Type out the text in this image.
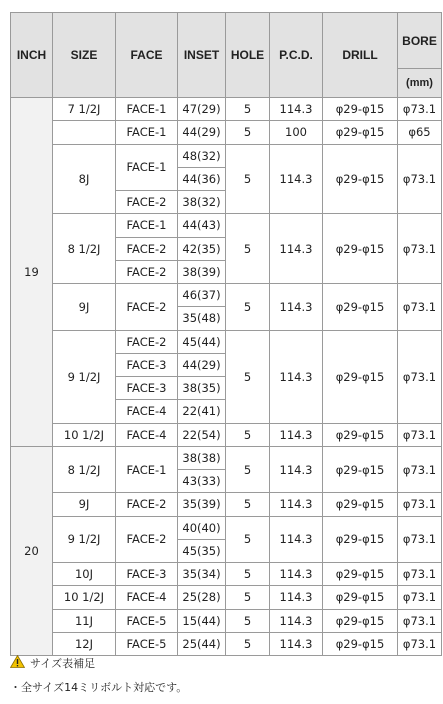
INCH	SIZE	FACE	INSET	HOLE	P.C.D.	DRILL	BORE
							(mm)
19	7 1/2J	FACE-1	47(29)	5	114.3	φ29-φ15	φ73.1
		FACE-1	44(29)	5	100	φ29-φ15	φ65
	8J	FACE-1	48(32)	5	114.3	φ29-φ15	φ73.1
			44(36)				
		FACE-2	38(32)				
	8 1/2J	FACE-1	44(43)	5	114.3	φ29-φ15	φ73.1
		FACE-2	42(35)				
		FACE-2	38(39)				
	9J	FACE-2	46(37)	5	114.3	φ29-φ15	φ73.1
			35(48)				
	9 1/2J	FACE-2	45(44)	5	114.3	φ29-φ15	φ73.1
		FACE-3	44(29)				
		FACE-3	38(35)				
		FACE-4	22(41)				
	10 1/2J	FACE-4	22(54)	5	114.3	φ29-φ15	φ73.1
20	8 1/2J	FACE-1	38(38)	5	114.3	φ29-φ15	φ73.1
			43(33)				
	9J	FACE-2	35(39)	5	114.3	φ29-φ15	φ73.1
	9 1/2J	FACE-2	40(40)	5	114.3	φ29-φ15	φ73.1
			45(35)				
	10J	FACE-3	35(34)	5	114.3	φ29-φ15	φ73.1
	10 1/2J	FACE-4	25(28)	5	114.3	φ29-φ15	φ73.1
	11J	FACE-5	15(44)	5	114.3	φ29-φ15	φ73.1
	12J	FACE-5	25(44)	5	114.3	φ29-φ15	φ73.1
サイズ表補足
・全サイズ14ミリボルト対応です。
